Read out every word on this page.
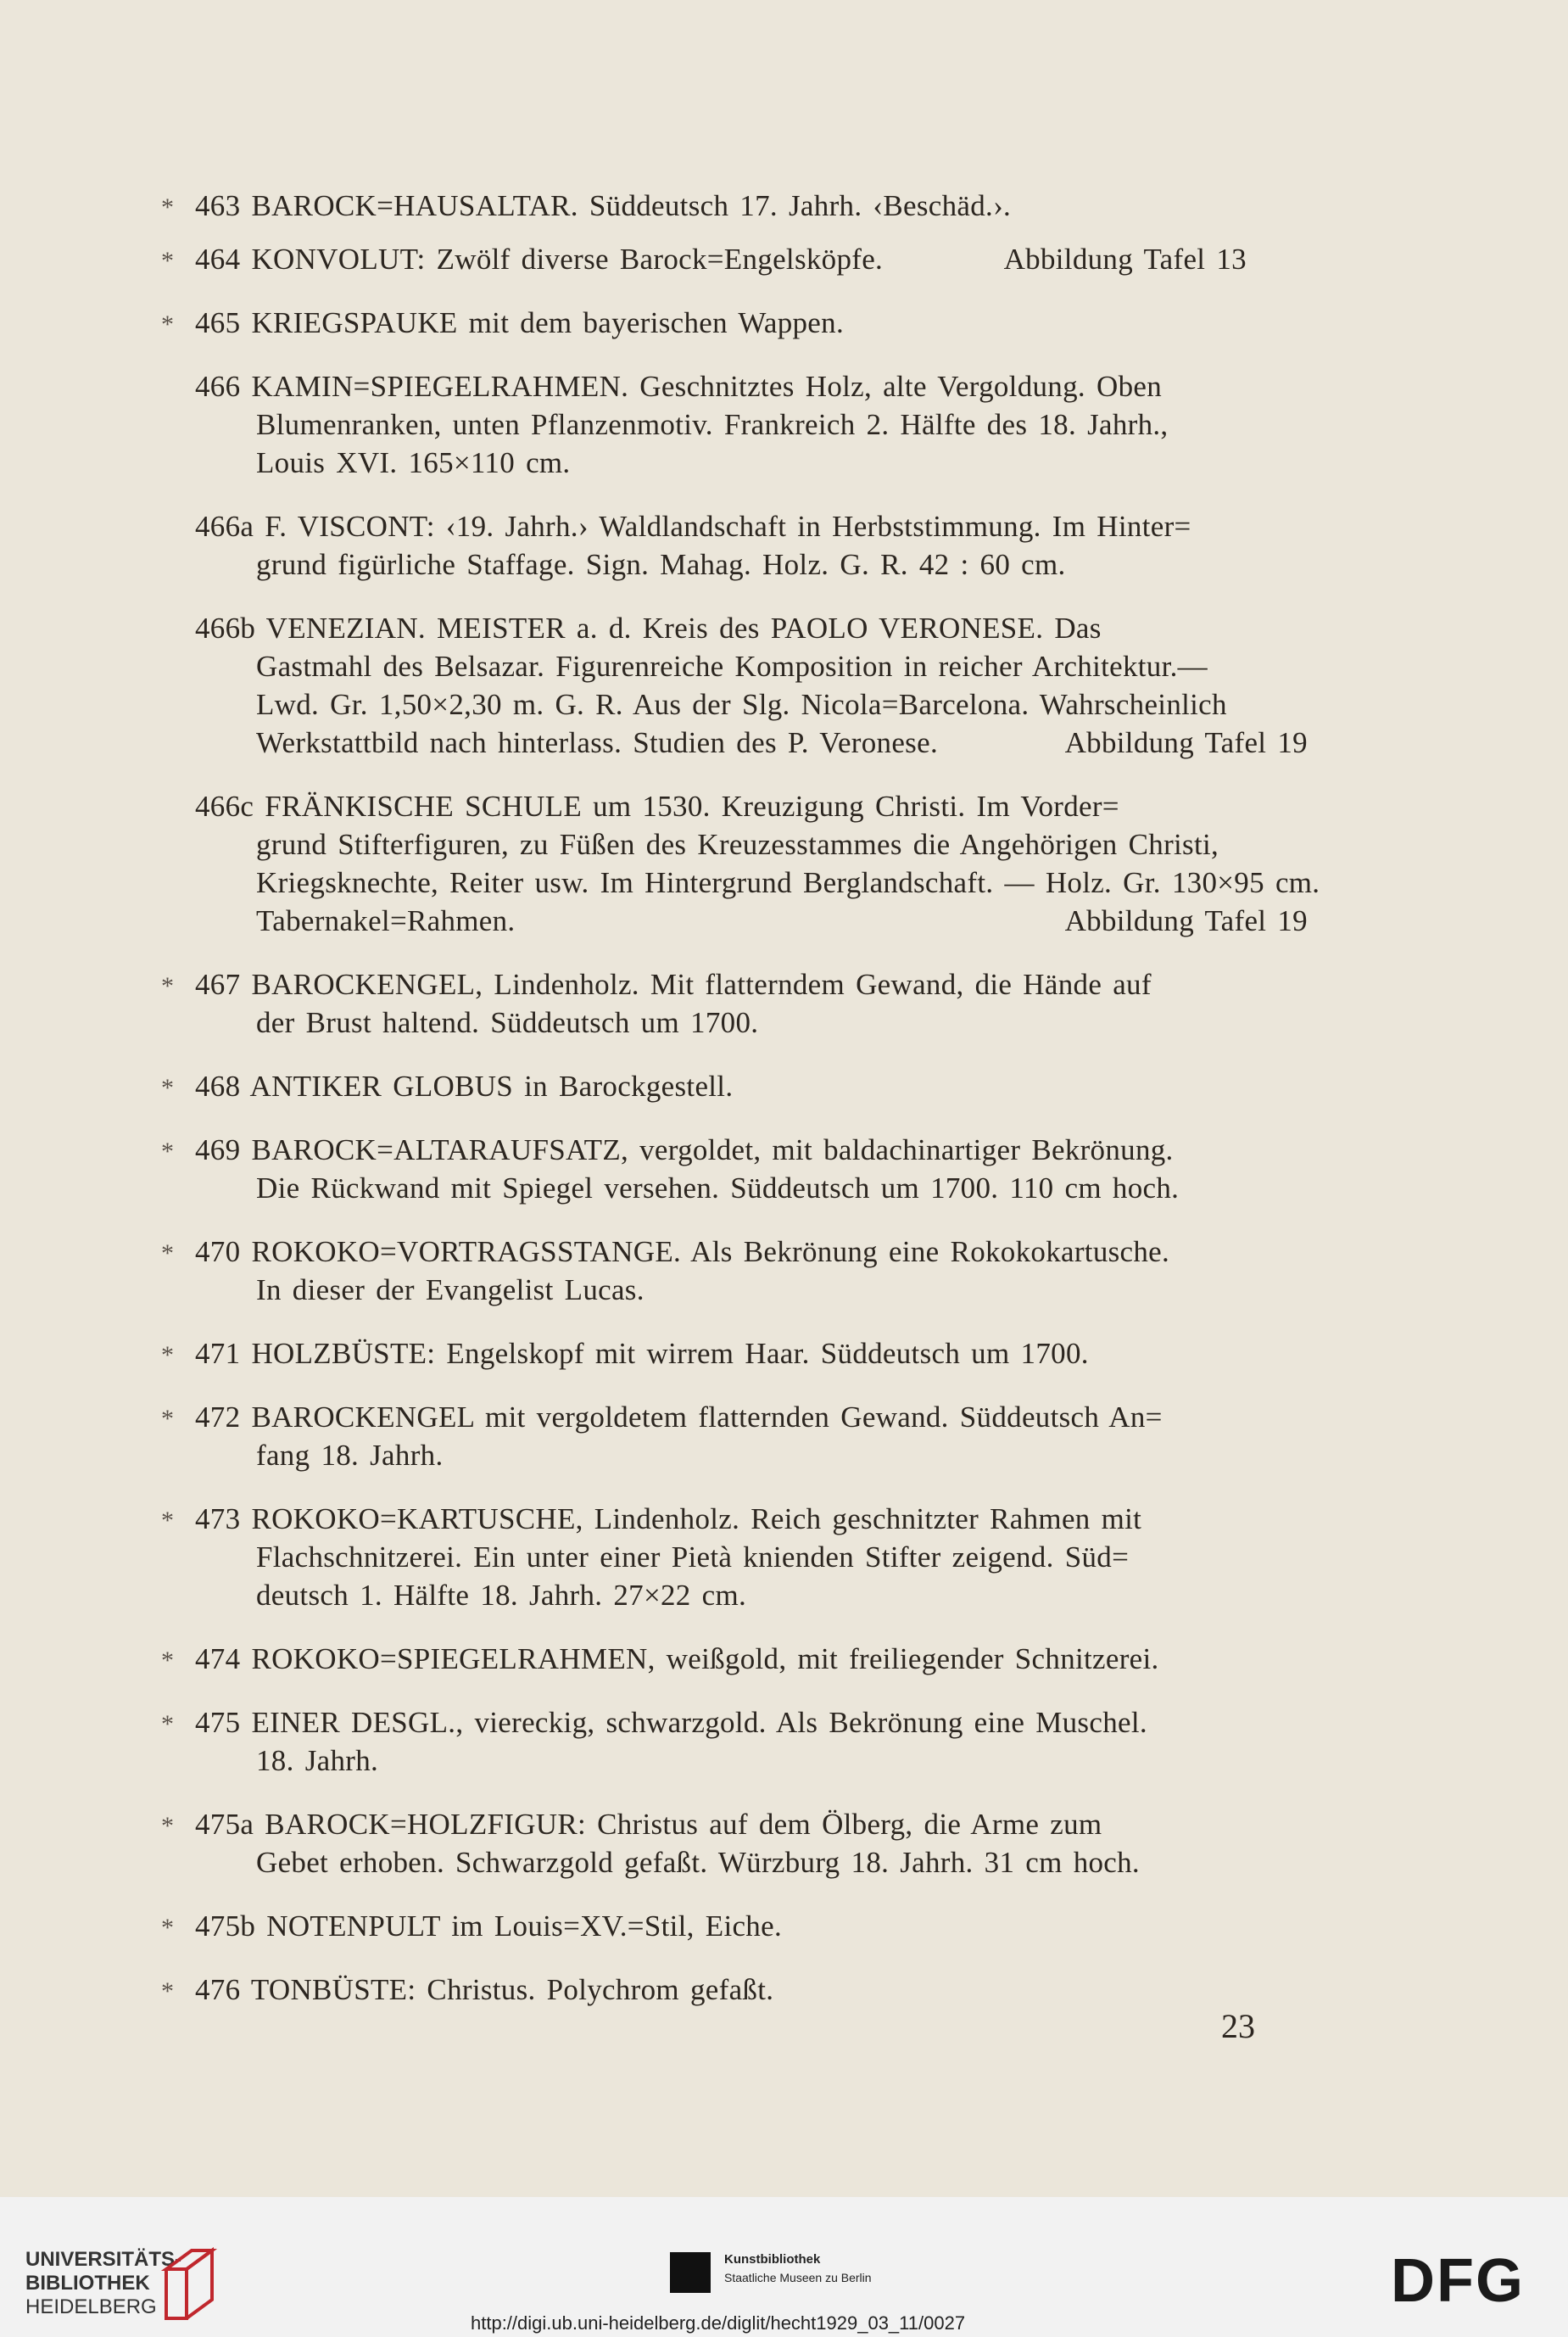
* 463 BAROCK=HAUSALTAR. Süddeutsch 17. Jahrh. ‹Beschäd.›.
*	Abbildung Tafel 13
464 KONVOLUT: Zwölf diverse Barock=Engelsköpfe.
* 465 KRIEGSPAUKE mit dem bayerischen Wappen.
466 KAMIN=SPIEGELRAHMEN. Geschnitztes Holz, alte Vergoldung. Oben
Blumenranken, unten Pflanzenmotiv. Frankreich 2. Hälfte des 18. Jahrh.,
Louis XVI. 165×110 cm.
466a F. VISCONT: ‹19. Jahrh.› Waldlandschaft in Herbststimmung. Im Hinter=
grund figürliche Staffage. Sign. Mahag. Holz. G. R. 42 : 60 cm.
466b VENEZIAN. MEISTER a. d. Kreis des PAOLO VERONESE. Das
Gastmahl des Belsazar. Figurenreiche Komposition in reicher Architektur.—
Lwd. Gr. 1,50×2,30 m. G. R. Aus der Slg. Nicola=Barcelona. Wahrscheinlich
Abbildung Tafel 19
Werkstattbild nach hinterlass. Studien des P. Veronese.
466c FRÄNKISCHE SCHULE um 1530. Kreuzigung Christi. Im Vorder=
grund Stifterfiguren, zu Füßen des Kreuzesstammes die Angehörigen Christi,
Kriegsknechte, Reiter usw. Im Hintergrund Berglandschaft. — Holz. Gr. 130×95 cm.
Abbildung Tafel 19
Tabernakel=Rahmen.
* 467 BAROCKENGEL, Lindenholz. Mit flatterndem Gewand, die Hände auf
der Brust haltend. Süddeutsch um 1700.
* 468 ANTIKER GLOBUS in Barockgestell.
* 469 BAROCK=ALTARAUFSATZ, vergoldet, mit baldachinartiger Bekrönung.
Die Rückwand mit Spiegel versehen. Süddeutsch um 1700. 110 cm hoch.
* 470 ROKOKO=VORTRAGSSTANGE. Als Bekrönung eine Rokokokartusche.
In dieser der Evangelist Lucas.
* 471 HOLZBÜSTE: Engelskopf mit wirrem Haar. Süddeutsch um 1700.
* 472 BAROCKENGEL mit vergoldetem flatternden Gewand. Süddeutsch An=
fang 18. Jahrh.
* 473 ROKOKO=KARTUSCHE, Lindenholz. Reich geschnitzter Rahmen mit
Flachschnitzerei. Ein unter einer Pietà knienden Stifter zeigend. Süd=
deutsch 1. Hälfte 18. Jahrh. 27×22 cm.
* 474 ROKOKO=SPIEGELRAHMEN, weißgold, mit freiliegender Schnitzerei.
* 475 EINER DESGL., viereckig, schwarzgold. Als Bekrönung eine Muschel.
18. Jahrh.
* 475a BAROCK=HOLZFIGUR: Christus auf dem Ölberg, die Arme zum
Gebet erhoben. Schwarzgold gefaßt. Würzburg 18. Jahrh. 31 cm hoch.
* 475b NOTENPULT im Louis=XV.=Stil, Eiche.
* 476 TONBÜSTE: Christus. Polychrom gefaßt.
23
UNIVERSITÄTS-
BIBLIOTHEK
HEIDELBERG
Kunstbibliothek
Staatliche Museen zu Berlin	DFG
http://digi.ub.uni-heidelberg.de/diglit/hecht1929_03_11/0027
